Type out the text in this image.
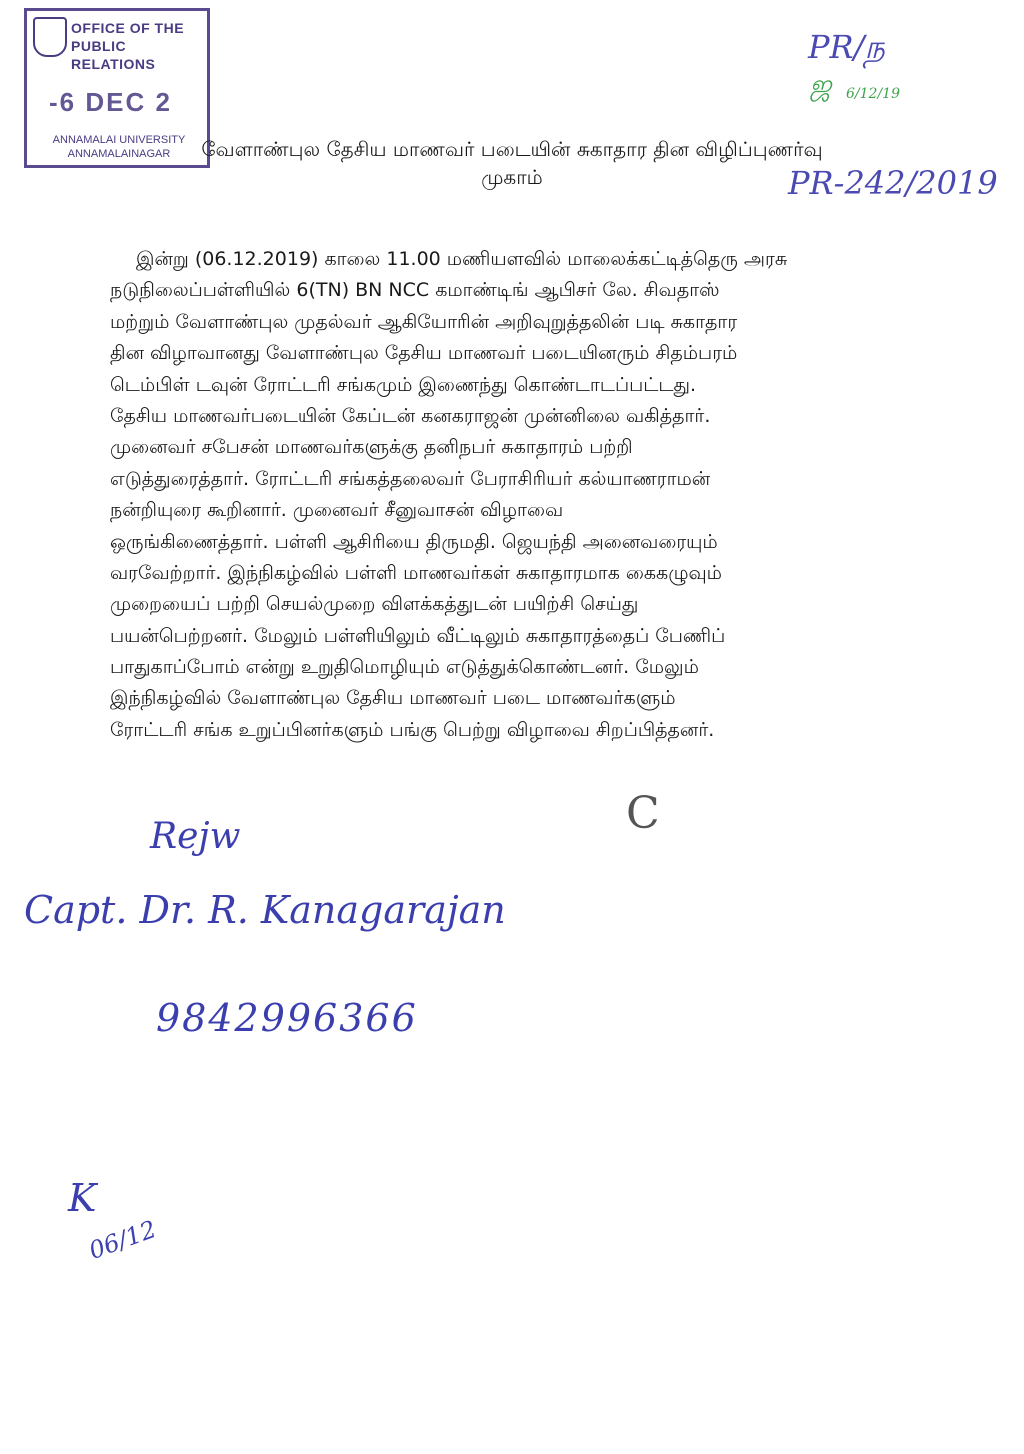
OFFICE OF THE
PUBLIC RELATIONS
-6 DEC 2
ANNAMALAI UNIVERSITY
ANNAMALAINAGAR
PR/ந
ஜ 6/12/19
PR-242/2019
வேளாண்புல தேசிய மாணவர் படையின் சுகாதார தின விழிப்புணர்வு
முகாம்
இன்று (06.12.2019) காலை 11.00 மணியளவில் மாலைக்கட்டித்தெரு அரசு
நடுநிலைப்பள்ளியில் 6(TN) BN NCC கமாண்டிங் ஆபிசர் லே. சிவதாஸ்
மற்றும் வேளாண்புல முதல்வர் ஆகியோரின் அறிவுறுத்தலின் படி சுகாதார
தின விழாவானது வேளாண்புல தேசிய மாணவர் படையினரும் சிதம்பரம்
டெம்பிள் டவுன் ரோட்டரி சங்கமும் இணைந்து கொண்டாடப்பட்டது.
தேசிய மாணவர்படையின் கேப்டன் கனகராஜன் முன்னிலை வகித்தார்.
முனைவர் சபேசன் மாணவர்களுக்கு தனிநபர் சுகாதாரம் பற்றி
எடுத்துரைத்தார். ரோட்டரி சங்கத்தலைவர் பேராசிரியர் கல்யாணராமன்
நன்றியுரை கூறினார். முனைவர் சீனுவாசன் விழாவை
ஒருங்கிணைத்தார். பள்ளி ஆசிரியை திருமதி. ஜெயந்தி அனைவரையும்
வரவேற்றார். இந்நிகழ்வில் பள்ளி மாணவர்கள் சுகாதாரமாக கைகழுவும்
முறையைப் பற்றி செயல்முறை விளக்கத்துடன் பயிற்சி செய்து
பயன்பெற்றனர். மேலும் பள்ளியிலும் வீட்டிலும் சுகாதாரத்தைப் பேணிப்
பாதுகாப்போம் என்று உறுதிமொழியும் எடுத்துக்கொண்டனர். மேலும்
இந்நிகழ்வில் வேளாண்புல தேசிய மாணவர் படை மாணவர்களும்
ரோட்டரி சங்க உறுப்பினர்களும் பங்கு பெற்று விழாவை சிறப்பித்தனர்.
C
Rejw
Capt. Dr. R. Kanagarajan
9842996366
K
06/12
